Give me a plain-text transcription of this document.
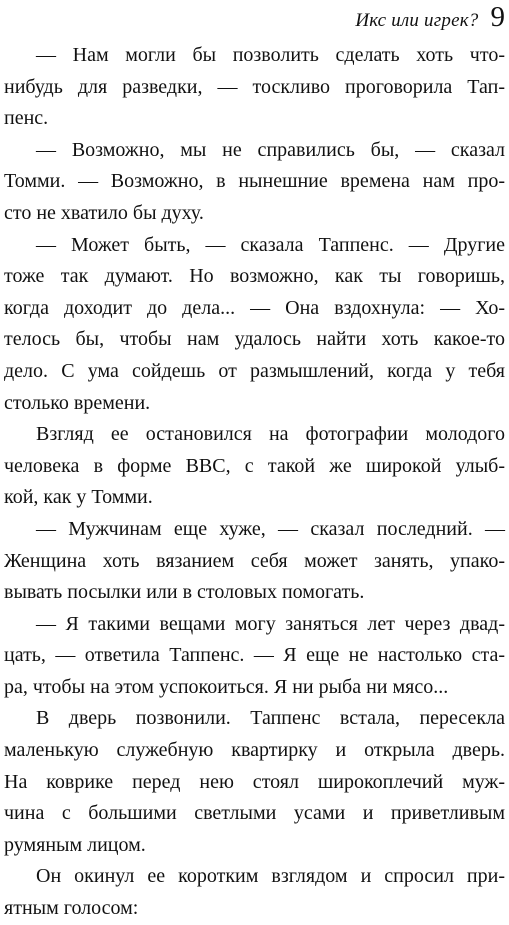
Икс или игрек? 9

— Нам могли бы позволить сделать хоть что-
нибудь для разведки, — тоскливо проговорила Тап-
пенс.

— Возможно, мы не справились бы, — сказал
Томми. — Возможно, в нынешние времена нам про-
сто не хватило бы духу.

— Может быть, — сказала Таппенс. — Другие
тоже так думают. Но возможно, как ты говоришь,
когда доходит до дела... — Она вздохнула: — Хо-
телось бы, чтобы нам удалось найти хоть какое-то
дело. С ума сойдешь от размышлений, когда у тебя
столько времени.

Взгляд ее остановился на фотографии молодого
человека в форме ВВС, с такой же широкой улыб-
кой, как у Томми.

— Мужчинам еще хуже, — сказал последний. —
Женщина хоть вязанием себя может занять, упако-
вывать посылки или в столовых помогать.

— Я такими вещами могу заняться лет через двад-
цать, — ответила Таппенс. — Я еще не настолько ста-
ра, чтобы на этом успокоиться. Я ни рыба ни мясо...

В дверь позвонили. Таппенс встала, пересекла
маленькую служебную квартирку и открыла дверь.
На коврике перед нею стоял широкоплечий муж-
чина с большими светлыми усами и приветливым
румяным лицом.

Он окинул ее коротким взглядом и спросил при-
ятным голосом:
